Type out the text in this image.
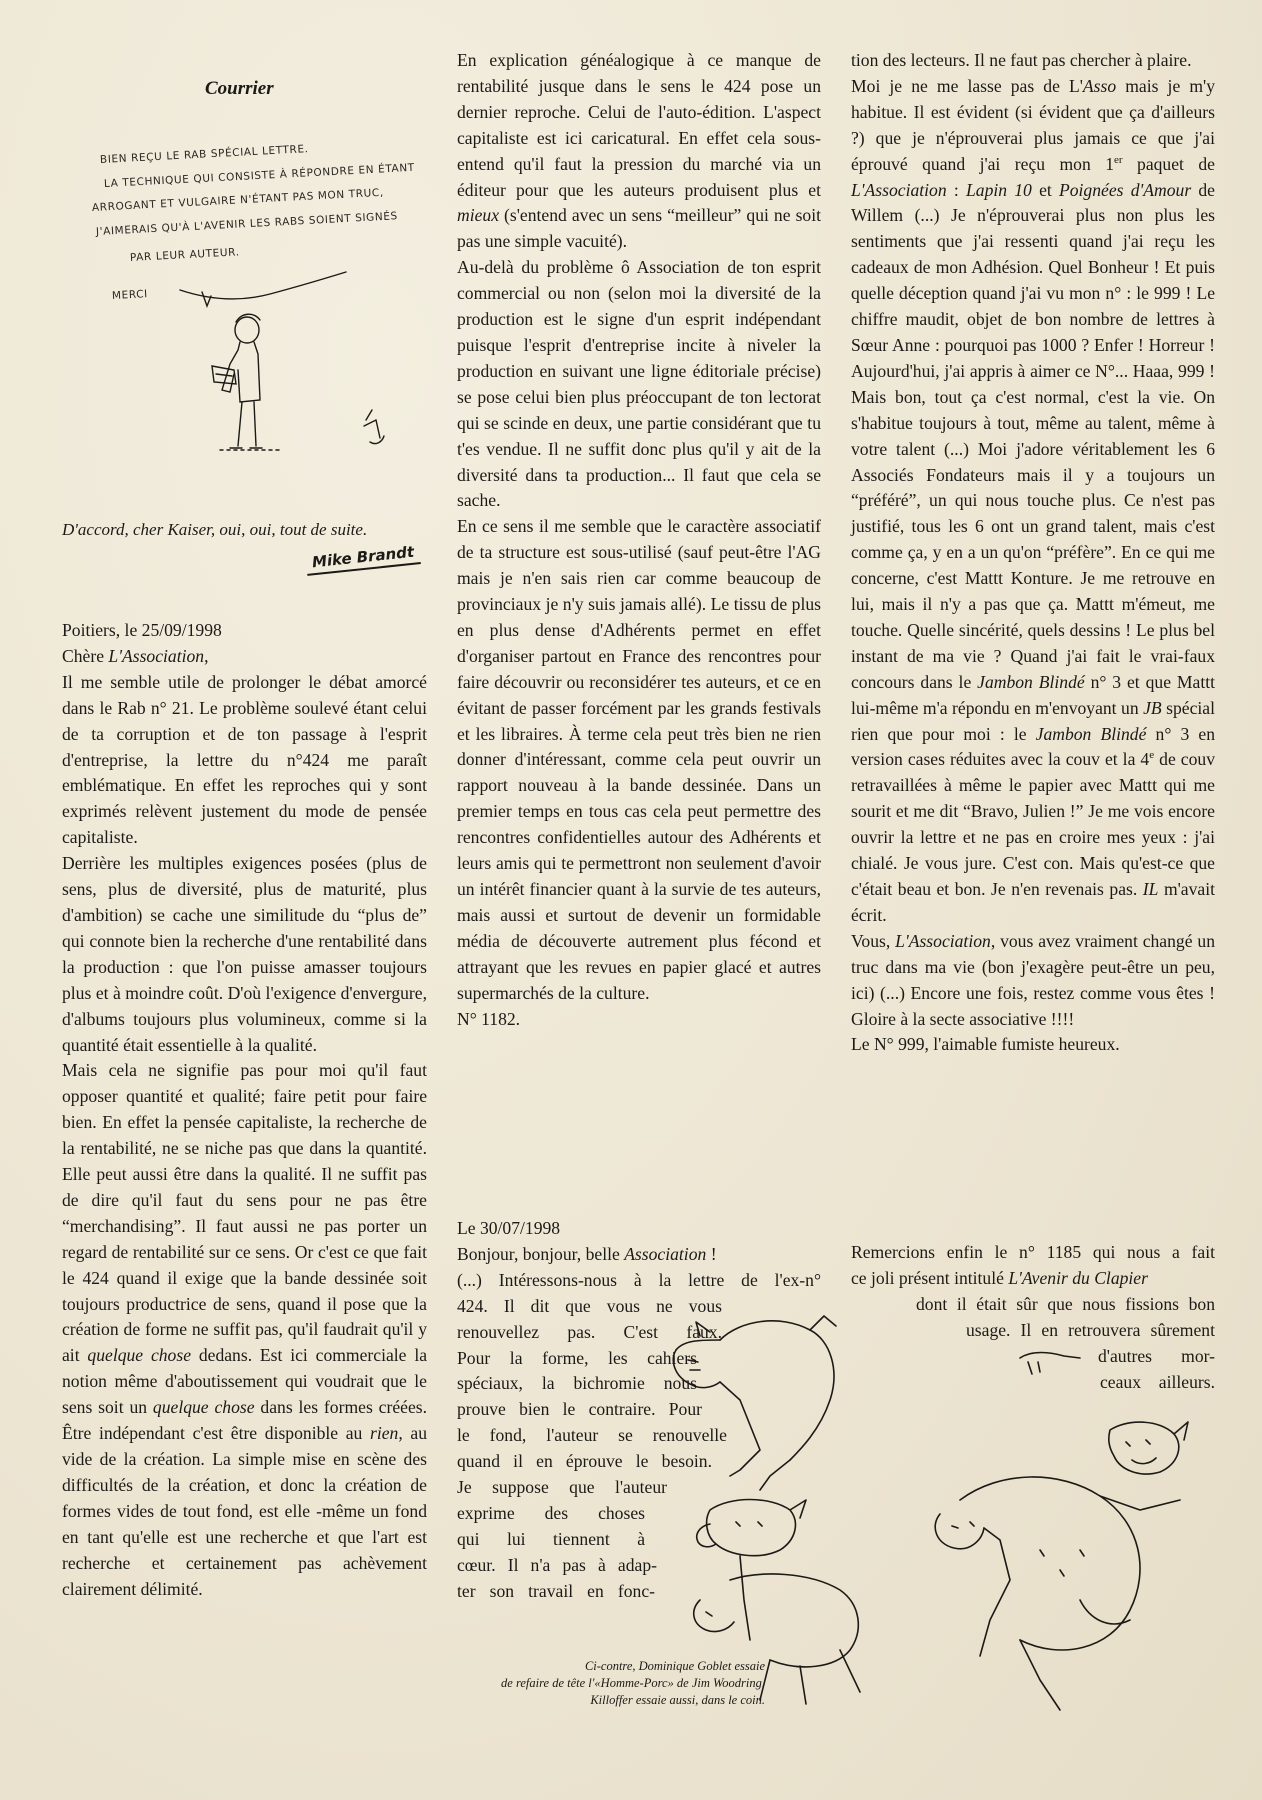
Courrier
BIEN REÇU LE RAB SPÉCIAL LETTRE.
LA TECHNIQUE QUI CONSISTE À RÉPONDRE EN ÉTANT
ARROGANT ET VULGAIRE N'ÉTANT PAS MON TRUC,
J'AIMERAIS QU'À L'AVENIR LES RABS SOIENT SIGNÉS
PAR LEUR AUTEUR.
MERCI
D'accord, cher Kaiser, oui, oui, tout de suite.
Mike Brandt

Poitiers, le 25/09/1998

Chère L'Association,

Il me semble utile de prolonger le débat amorcé dans le Rab n° 21. Le problème soulevé étant celui de ta corruption et de ton passage à l'esprit d'entreprise, la lettre du n°424 me paraît emblématique. En effet les reproches qui y sont exprimés relèvent justement du mode de pensée capitaliste.

Derrière les multiples exigences posées (plus de sens, plus de diversité, plus de maturité, plus d'ambition) se cache une similitude du “plus de” qui connote bien la recherche d'une rentabilité dans la production : que l'on puisse amasser toujours plus et à moindre coût. D'où l'exigence d'envergure, d'albums toujours plus volumineux, comme si la quantité était essentielle à la qualité.

Mais cela ne signifie pas pour moi qu'il faut opposer quantité et qualité; faire petit pour faire bien. En effet la pensée capitaliste, la recherche de la rentabilité, ne se niche pas que dans la quantité. Elle peut aussi être dans la qualité. Il ne suffit pas de dire qu'il faut du sens pour ne pas être “merchandising”. Il faut aussi ne pas porter un regard de rentabilité sur ce sens. Or c'est ce que fait le 424 quand il exige que la bande dessinée soit toujours productrice de sens, quand il pose que la création de forme ne suffit pas, qu'il faudrait qu'il y ait quelque chose dedans. Est ici commerciale la notion même d'aboutissement qui voudrait que le sens soit un quelque chose dans les formes créées. Être indépendant c'est être disponible au rien, au vide de la création. La simple mise en scène des difficultés de la création, et donc la création de formes vides de tout fond, est elle -même un fond en tant qu'elle est une recherche et que l'art est recherche et certainement pas achèvement clairement délimité.

En explication généalogique à ce manque de rentabilité jusque dans le sens le 424 pose un dernier reproche. Celui de l'auto-édition. L'aspect capitaliste est ici caricatural. En effet cela sous-entend qu'il faut la pression du marché via un éditeur pour que les auteurs produisent plus et mieux (s'entend avec un sens “meilleur” qui ne soit pas une simple vacuité).

Au-delà du problème ô Association de ton esprit commercial ou non (selon moi la diversité de la production est le signe d'un esprit indépendant puisque l'esprit d'entreprise incite à niveler la production en suivant une ligne éditoriale précise) se pose celui bien plus préoccupant de ton lectorat qui se scinde en deux, une partie considérant que tu t'es vendue. Il ne suffit donc plus qu'il y ait de la diversité dans ta production... Il faut que cela se sache.

En ce sens il me semble que le caractère associatif de ta structure est sous-utilisé (sauf peut-être l'AG mais je n'en sais rien car comme beaucoup de provinciaux je n'y suis jamais allé). Le tissu de plus en plus dense d'Adhérents permet en effet d'organiser partout en France des rencontres pour faire découvrir ou reconsidérer tes auteurs, et ce en évitant de passer forcément par les grands festivals et les libraires. À terme cela peut très bien ne rien donner d'intéressant, comme cela peut ouvrir un rapport nouveau à la bande dessinée. Dans un premier temps en tous cas cela peut permettre des rencontres confidentielles autour des Adhérents et leurs amis qui te permettront non seulement d'avoir un intérêt financier quant à la survie de tes auteurs, mais aussi et surtout de devenir un formidable média de découverte autrement plus fécond et attrayant que les revues en papier glacé et autres supermarchés de la culture.

N° 1182.

Le 30/07/1998
Bonjour, bonjour, belle Association !
(...) Intéressons-nous à la lettre de l'ex-n°
424. Il dit que vous ne vous
renouvellez pas. C'est faux.
Pour la forme, les cahiers
spéciaux, la bichromie nous
prouve bien le contraire. Pour
le fond, l'auteur se renouvelle
quand il en éprouve le besoin.
Je suppose que l'auteur
exprime des choses
qui lui tiennent à
cœur. Il n'a pas à adap-
ter son travail en fonc-

tion des lecteurs. Il ne faut pas chercher à plaire.

Moi je ne me lasse pas de L'Asso mais je m'y habitue. Il est évident (si évident que ça d'ailleurs ?) que je n'éprouverai plus jamais ce que j'ai éprouvé quand j'ai reçu mon 1er paquet de L'Association : Lapin 10 et Poignées d'Amour de Willem (...) Je n'éprouverai plus non plus les sentiments que j'ai ressenti quand j'ai reçu les cadeaux de mon Adhésion. Quel Bonheur ! Et puis quelle déception quand j'ai vu mon n° : le 999 ! Le chiffre maudit, objet de bon nombre de lettres à Sœur Anne : pourquoi pas 1000 ? Enfer ! Horreur ! Aujourd'hui, j'ai appris à aimer ce N°... Haaa, 999 ! Mais bon, tout ça c'est normal, c'est la vie. On s'habitue toujours à tout, même au talent, même à votre talent (...) Moi j'adore véritablement les 6 Associés Fondateurs mais il y a toujours un “préféré”, un qui nous touche plus. Ce n'est pas justifié, tous les 6 ont un grand talent, mais c'est comme ça, y en a un qu'on “préfère”. En ce qui me concerne, c'est Mattt Konture. Je me retrouve en lui, mais il n'y a pas que ça. Mattt m'émeut, me touche. Quelle sincérité, quels dessins ! Le plus bel instant de ma vie ? Quand j'ai fait le vrai-faux concours dans le Jambon Blindé n° 3 et que Mattt lui-même m'a répondu en m'envoyant un JB spécial rien que pour moi : le Jambon Blindé n° 3 en version cases réduites avec la couv et la 4e de couv retravaillées à même le papier avec Mattt qui me sourit et me dit “Bravo, Julien !” Je me vois encore ouvrir la lettre et ne pas en croire mes yeux : j'ai chialé. Je vous jure. C'est con. Mais qu'est-ce que c'était beau et bon. Je n'en revenais pas. IL m'avait écrit.

Vous, L'Association, vous avez vraiment changé un truc dans ma vie (bon j'exagère peut-être un peu, ici) (...) Encore une fois, restez comme vous êtes ! Gloire à la secte associative !!!!

Le N° 999, l'aimable fumiste heureux.

Remercions enfin le n° 1185 qui nous a fait
ce joli présent intitulé L'Avenir du Clapier
dont il était sûr que nous fissions bon
usage. Il en retrouvera sûrement
d'autres mor-
ceaux ailleurs.
Ci-contre, Dominique Goblet essaie
de refaire de tête l'«Homme-Porc» de Jim Woodring.
Killoffer essaie aussi, dans le coin.
